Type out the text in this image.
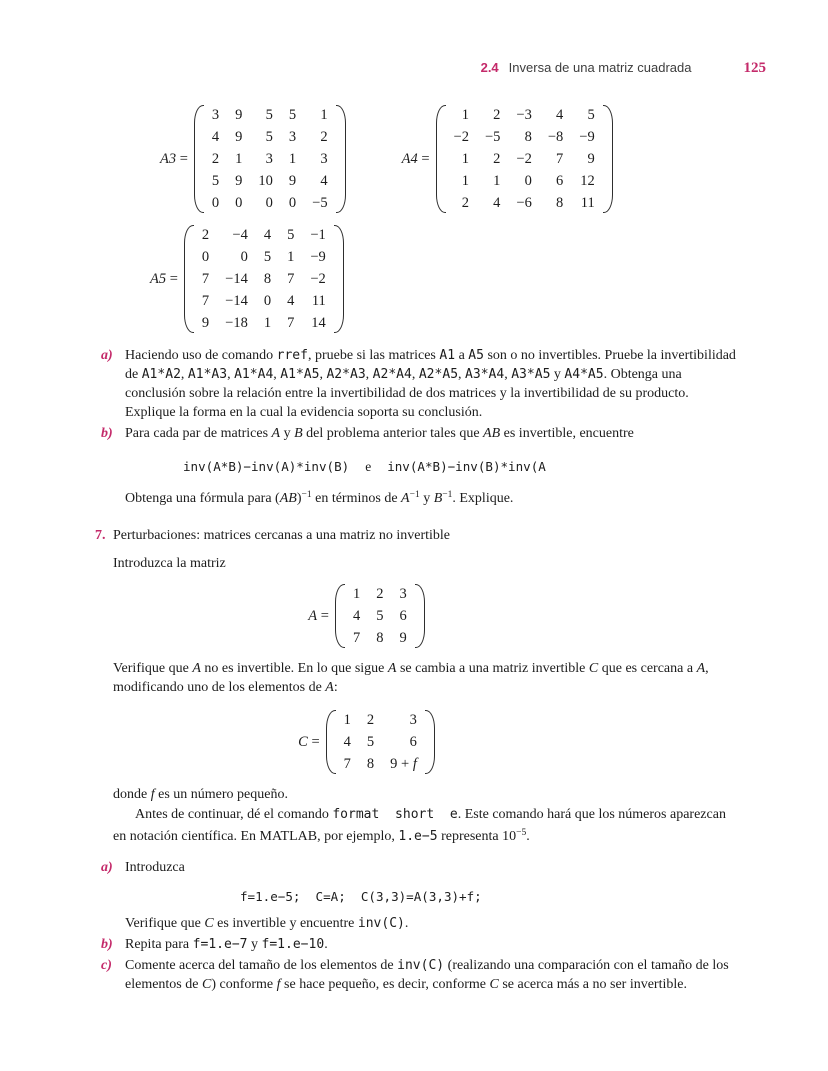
2.4 Inversa de una matriz cuadrada	125
A3 =
3	9	5	5	1
4	9	5	3	2
2	1	3	1	3
5	9	10	9	4
0	0	0	0	−5
A4 =
1	2	−3	4	5
−2	−5	8	−8	−9
1	2	−2	7	9
1	1	0	6	12
2	4	−6	8	11
A5 =
2	−4	4	5	−1
0	0	5	1	−9
7	−14	8	7	−2
7	−14	0	4	11
9	−18	1	7	14
a) Haciendo uso de comando rref, pruebe si las matrices A1 a A5 son o no invertibles. Pruebe la invertibilidad de A1*A2, A1*A3, A1*A4, A1*A5, A2*A3, A2*A4, A2*A5, A3*A4, A3*A5 y A4*A5. Obtenga una conclusión sobre la relación entre la invertibilidad de dos matrices y la invertibilidad de su producto. Explique la forma en la cual la evidencia soporta su conclusión.
b) Para cada par de matrices A y B del problema anterior tales que AB es invertible, encuentre
inv(A*B)−inv(A)*inv(B) e inv(A*B)−inv(B)*inv(A
Obtenga una fórmula para (AB)$^{-1}$ en términos de $A^{-1}$ y $B^{-1}$. Explique.
7. Perturbaciones: matrices cercanas a una matriz no invertible

Introduzca la matriz

A =
1	2	3
4	5	6
7	8	9

Verifique que A no es invertible. En lo que sigue A se cambia a una matriz invertible C que es cercana a A, modificando uno de los elementos de A:

C =
1	2	3
4	5	6
7	8	9 + f

donde f es un número pequeño.

Antes de continuar, dé el comando format  short  e. Este comando hará que los números aparezcan en notación científica. En MATLAB, por ejemplo, 1.e−5 representa $10^{-5}$.

a) Introduzca
f=1.e−5;  C=A;  C(3,3)=A(3,3)+f;
Verifique que C es invertible y encuentre inv(C).
b) Repita para f=1.e−7 y f=1.e−10.
c) Comente acerca del tamaño de los elementos de inv(C) (realizando una comparación con el tamaño de los elementos de C) conforme f se hace pequeño, es decir, conforme C se acerca más a no ser invertible.
